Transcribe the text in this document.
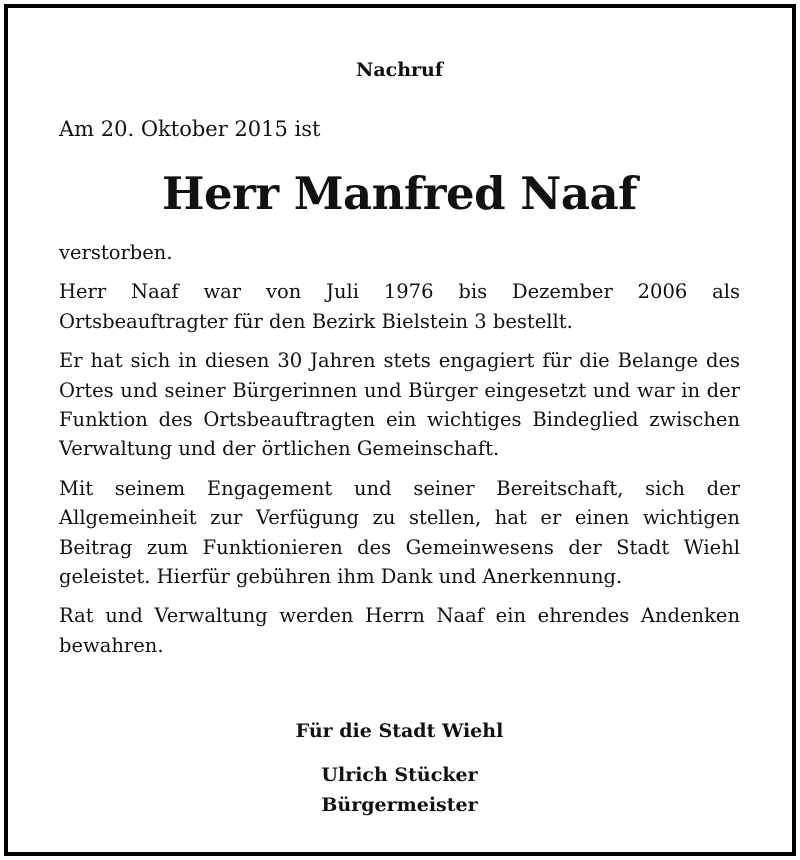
Nachruf
Am 20. Oktober 2015 ist
Herr Manfred Naaf

verstorben.

Herr Naaf war von Juli 1976 bis Dezember 2006 als Ortsbeauftragter für den Bezirk Bielstein 3 bestellt.

Er hat sich in diesen 30 Jahren stets engagiert für die Belange des Ortes und seiner Bürgerinnen und Bürger eingesetzt und war in der Funktion des Ortsbeauftragten ein wichtiges Bindeglied zwischen Verwaltung und der örtlichen Gemeinschaft.

Mit seinem Engagement und seiner Bereitschaft, sich der Allgemeinheit zur Verfügung zu stellen, hat er einen wichtigen Beitrag zum Funktionieren des Gemeinwesens der Stadt Wiehl geleistet. Hierfür gebühren ihm Dank und Anerkennung.

Rat und Verwaltung werden Herrn Naaf ein ehrendes Andenken bewahren.

Für die Stadt Wiehl
Ulrich Stücker
Bürgermeister
